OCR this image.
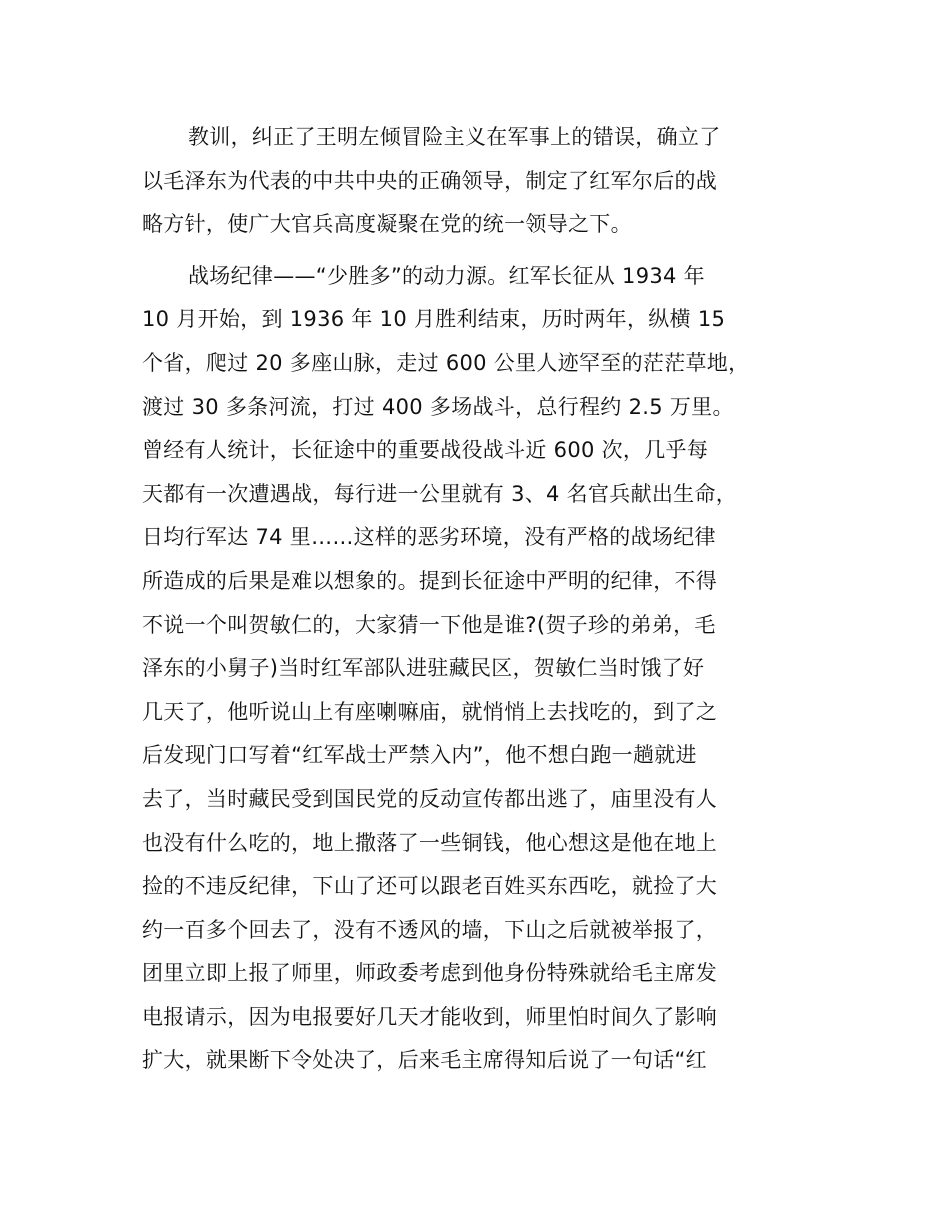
教训，纠正了王明左倾冒险主义在军事上的错误，确立了
以毛泽东为代表的中共中央的正确领导，制定了红军尔后的战
略方针，使广大官兵高度凝聚在党的统一领导之下。

战场纪律——“少胜多”的动力源。红军长征从 1934 年
10 月开始，到 1936 年 10 月胜利结束，历时两年，纵横 15
个省，爬过 20 多座山脉，走过 600 公里人迹罕至的茫茫草地，
渡过 30 多条河流，打过 400 多场战斗，总行程约 2.5 万里。
曾经有人统计，长征途中的重要战役战斗近 600 次，几乎每
天都有一次遭遇战，每行进一公里就有 3、4 名官兵献出生命，
日均行军达 74 里……这样的恶劣环境，没有严格的战场纪律
所造成的后果是难以想象的。提到长征途中严明的纪律，不得
不说一个叫贺敏仁的，大家猜一下他是谁?(贺子珍的弟弟，毛
泽东的小舅子)当时红军部队进驻藏民区，贺敏仁当时饿了好
几天了，他听说山上有座喇嘛庙，就悄悄上去找吃的，到了之
后发现门口写着“红军战士严禁入内”，他不想白跑一趟就进
去了，当时藏民受到国民党的反动宣传都出逃了，庙里没有人
也没有什么吃的，地上撒落了一些铜钱，他心想这是他在地上
捡的不违反纪律，下山了还可以跟老百姓买东西吃，就捡了大
约一百多个回去了，没有不透风的墙，下山之后就被举报了，
团里立即上报了师里，师政委考虑到他身份特殊就给毛主席发
电报请示，因为电报要好几天才能收到，师里怕时间久了影响
扩大，就果断下令处决了，后来毛主席得知后说了一句话“红
